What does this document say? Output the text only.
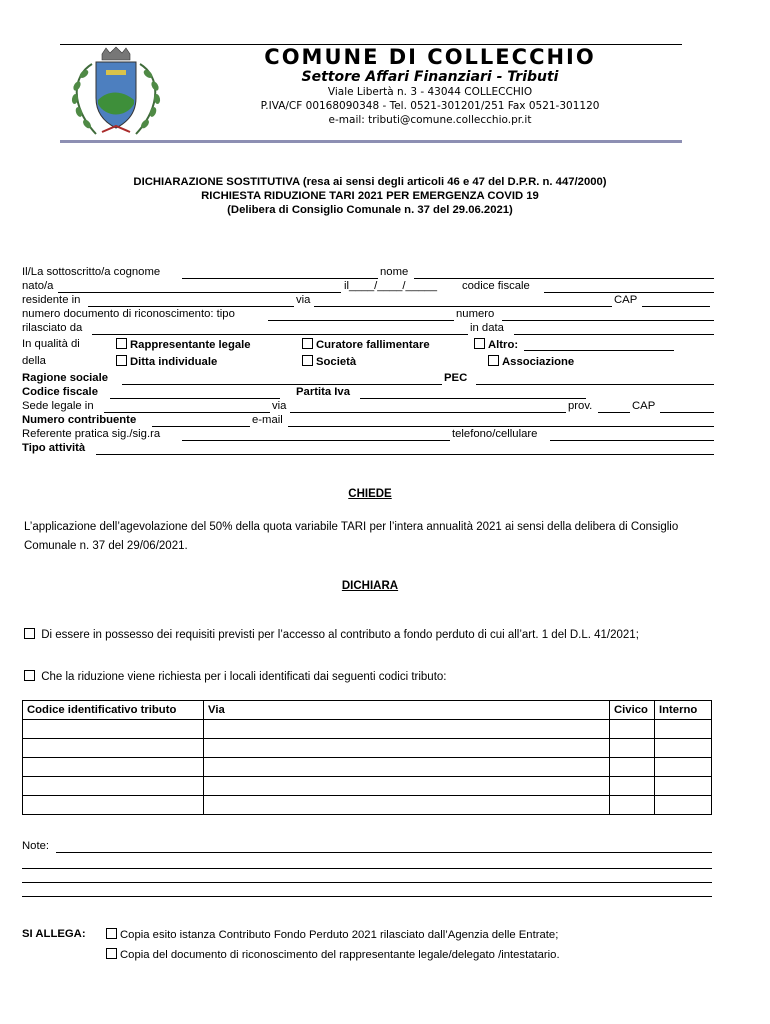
COMUNE DI COLLECCHIO
Settore Affari Finanziari - Tributi
Viale Libertà n. 3 - 43044 COLLECCHIO
P.IVA/CF 00168090348 - Tel. 0521-301201/251 Fax 0521-301120
e-mail: tributi@comune.collecchio.pr.it
DICHIARAZIONE SOSTITUTIVA (resa ai sensi degli articoli 46 e 47 del D.P.R. n. 447/2000)
RICHIESTA RIDUZIONE TARI 2021 PER EMERGENZA COVID 19
(Delibera di Consiglio Comunale n. 37 del 29.06.2021)
Il/La sottoscritto/a cognome	nome
nato/a	il____/____/_____ codice fiscale
residente in	via	CAP
numero documento di riconoscimento: tipo	numero
rilasciato da	in data
In qualità di	Rappresentante legale	Curatore fallimentare	Altro:
della	Ditta individuale	Società	Associazione
Ragione sociale	PEC
Codice fiscale	Partita Iva
Sede legale in	via	prov.	CAP
Numero contribuente	e-mail
Referente pratica sig./sig.ra	telefono/cellulare
Tipo attività
CHIEDE
L’applicazione dell’agevolazione del 50% della quota variabile TARI per l’intera annualità 2021 ai sensi della delibera di Consiglio Comunale n. 37 del 29/06/2021.
DICHIARA
Di essere in possesso dei requisiti previsti per l’accesso al contributo a fondo perduto di cui all’art. 1 del D.L. 41/2021;
Che la riduzione viene richiesta per i locali identificati dai seguenti codici tributo:
Codice identificativo tributo	Via	Civico	Interno

Note:
SI ALLEGA:	Copia esito istanza Contributo Fondo Perduto 2021 rilasciato dall’Agenzia delle Entrate;
Copia del documento di riconoscimento del rappresentante legale/delegato /intestatario.
